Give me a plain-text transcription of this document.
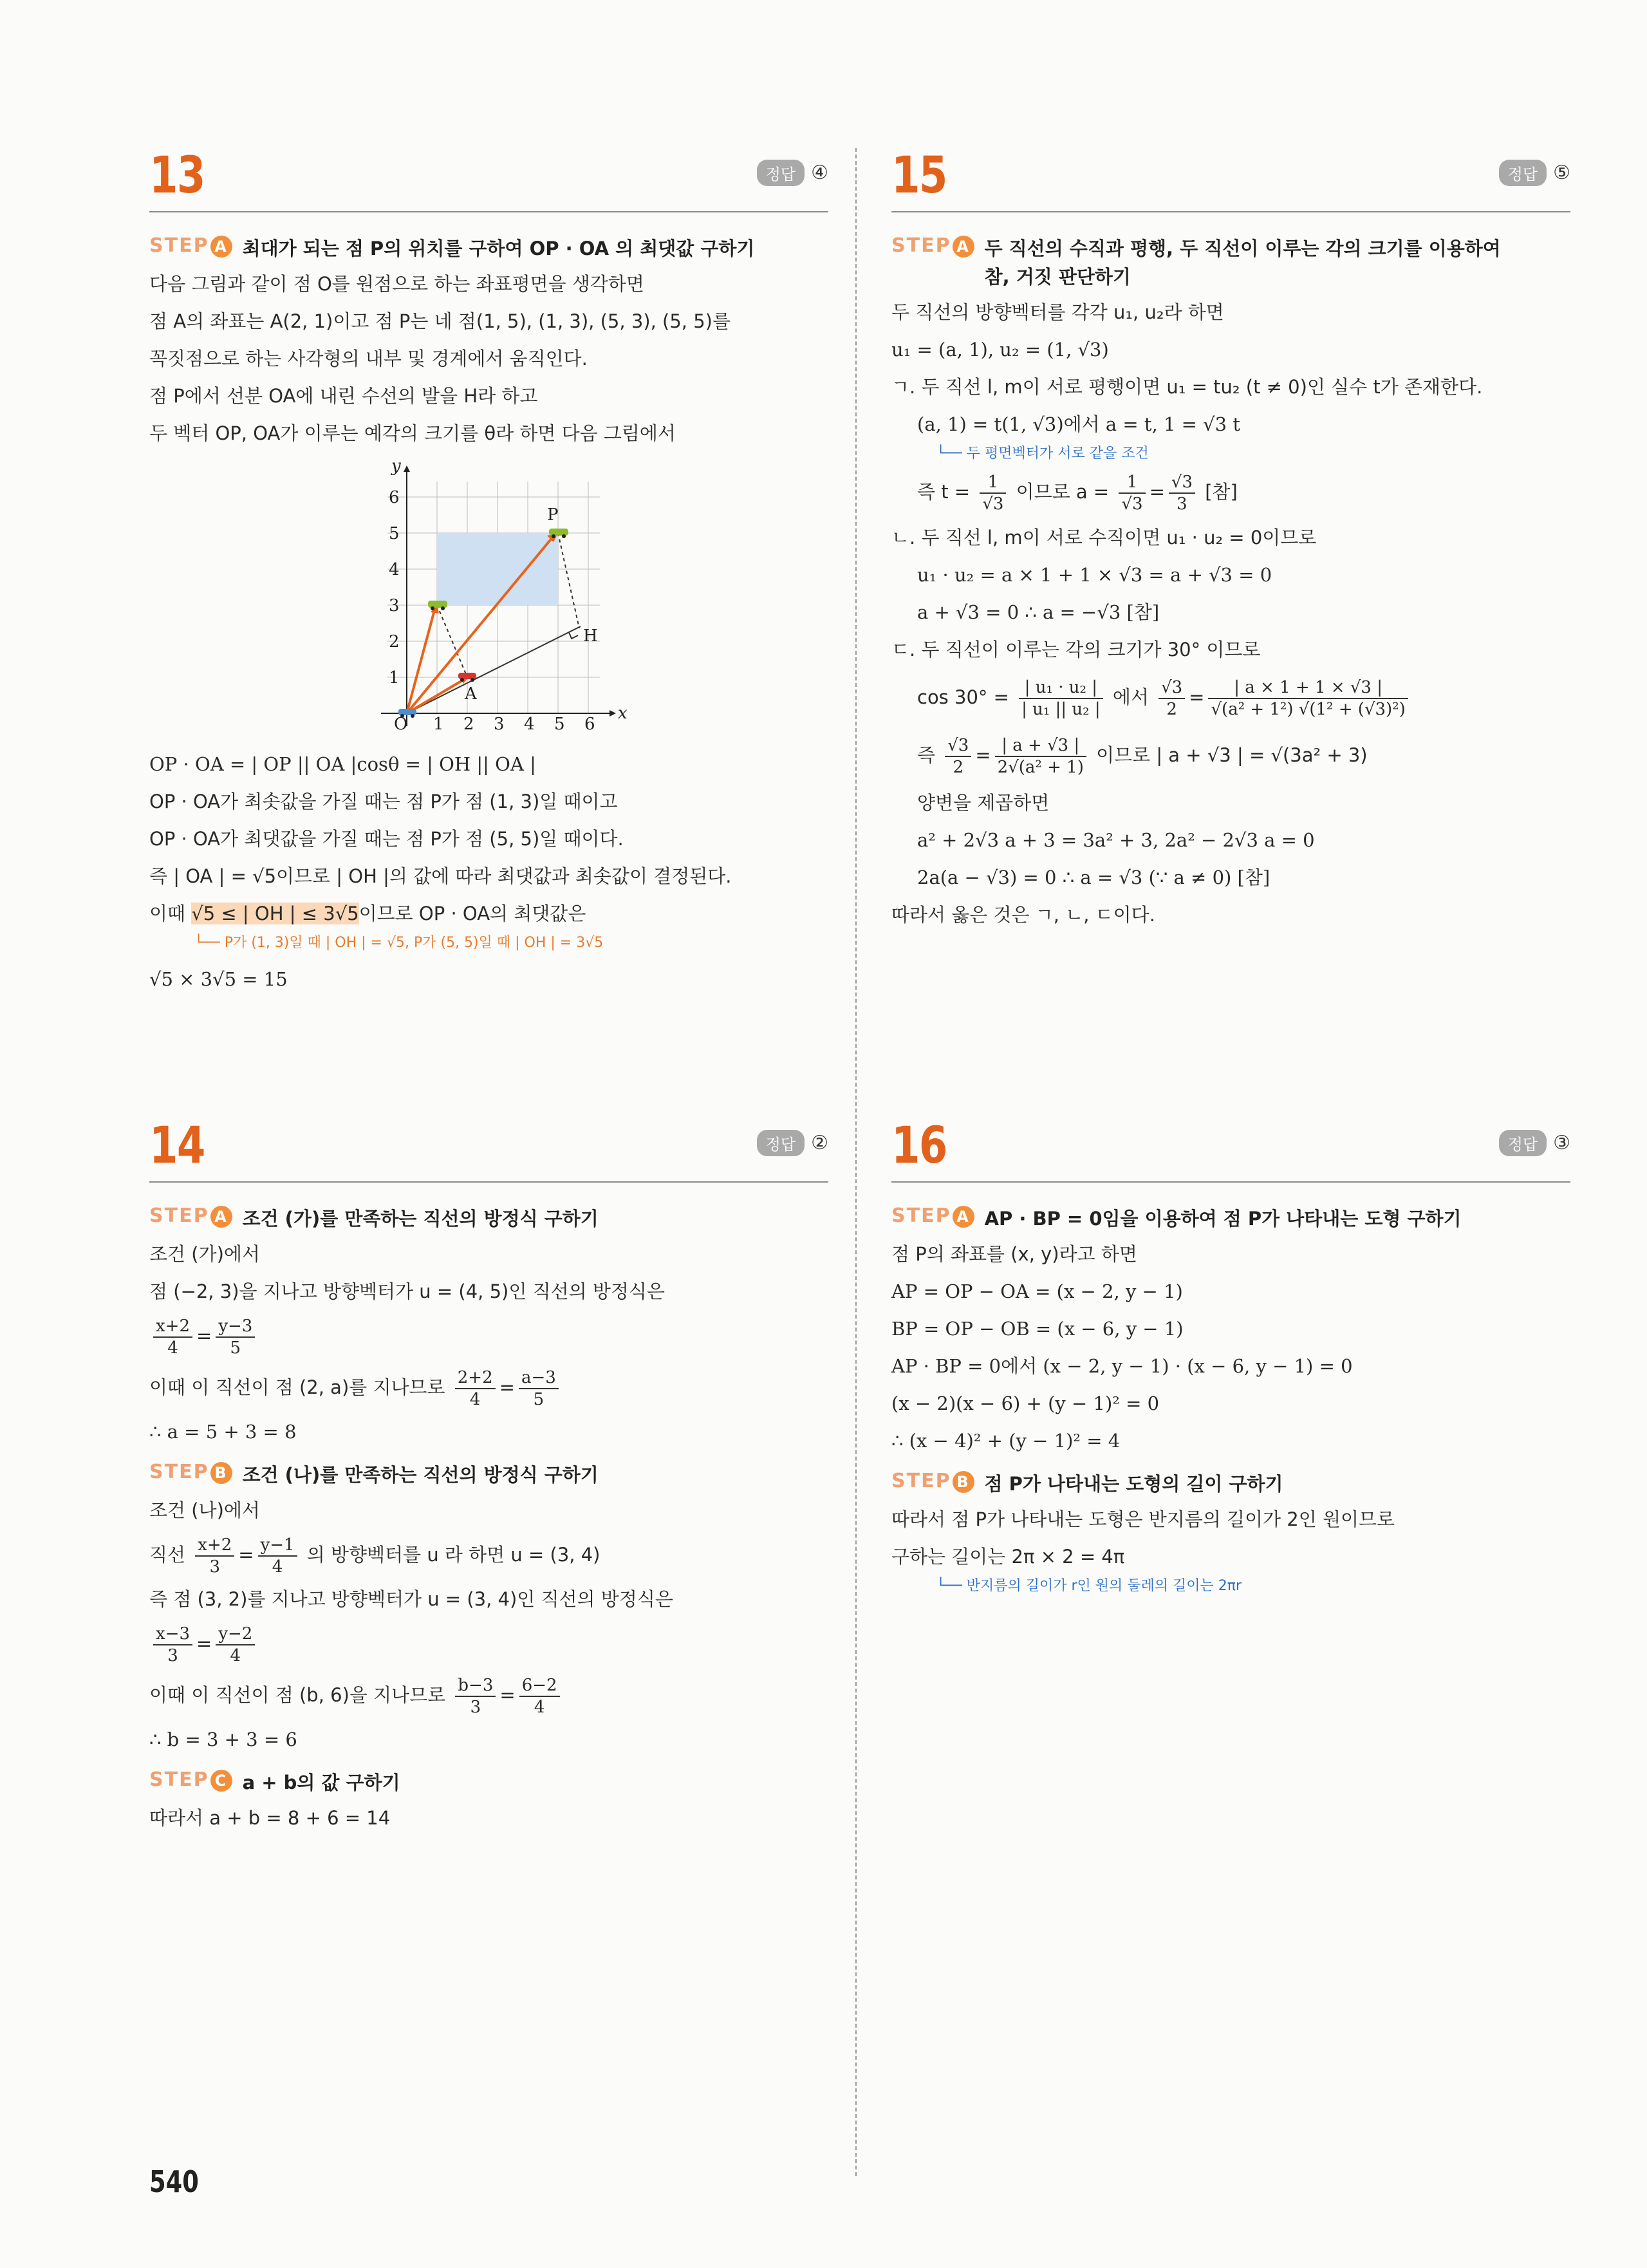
13	정답 ④
STEP A 최대가 되는 점 P의 위치를 구하여 OP · OA 의 최댓값 구하기
다음 그림과 같이 점 O를 원점으로 하는 좌표평면을 생각하면
점 A의 좌표는 A(2, 1)이고 점 P는 네 점(1, 5), (1, 3), (5, 3), (5, 5)를
꼭짓점으로 하는 사각형의 내부 및 경계에서 움직인다.
점 P에서 선분 OA에 내린 수선의 발을 H라 하고
두 벡터 OP, OA가 이루는 예각의 크기를 θ라 하면 다음 그림에서
O
x
y
1 2 3 4 5 6
1
2
3
4
5
6
P
A
H
OP · OA = | OP || OA |cosθ = | OH || OA |
OP · OA가 최솟값을 가질 때는 점 P가 점 (1, 3)일 때이고
OP · OA가 최댓값을 가질 때는 점 P가 점 (5, 5)일 때이다.
즉 | OA | = √5이므로 | OH |의 값에 따라 최댓값과 최솟값이 결정된다.
이때 √5 ≤ | OH | ≤ 3√5이므로 OP · OA의 최댓값은
└── P가 (1, 3)일 때 | OH | = √5, P가 (5, 5)일 때 | OH | = 3√5
√5 × 3√5 = 15
14	정답 ②
STEP A 조건 (가)를 만족하는 직선의 방정식 구하기
조건 (가)에서
점 (−2, 3)을 지나고 방향벡터가 u = (4, 5)인 직선의 방정식은
$\frac{x+2}{4} = \frac{y-3}{5}$
이때 이 직선이 점 (2, a)를 지나므로 $\frac{2+2}{4} = \frac{a-3}{5}$
∴ a = 5 + 3 = 8
STEP B 조건 (나)를 만족하는 직선의 방정식 구하기
조건 (나)에서
직선 $\frac{x+2}{3} = \frac{y-1}{4}$ 의 방향벡터를 u 라 하면 u = (3, 4)
즉 점 (3, 2)를 지나고 방향벡터가 u = (3, 4)인 직선의 방정식은
$\frac{x-3}{3} = \frac{y-2}{4}$
이때 이 직선이 점 (b, 6)을 지나므로 $\frac{b-3}{3} = \frac{6-2}{4}$
∴ b = 3 + 3 = 6
STEP C a + b의 값 구하기
따라서 a + b = 8 + 6 = 14
15	정답 ⑤
STEP A 두 직선의 수직과 평행, 두 직선이 이루는 각의 크기를 이용하여
참, 거짓 판단하기
두 직선의 방향벡터를 각각 u₁, u₂라 하면
u₁ = (a, 1), u₂ = (1, √3)
ㄱ. 두 직선 l, m이 서로 평행이면 u₁ = tu₂ (t ≠ 0)인 실수 t가 존재한다.
(a, 1) = t(1, √3)에서 a = t, 1 = √3 t
└── 두 평면벡터가 서로 같을 조건
즉 $t = \frac{1}{√3}$ 이므로 $a = \frac{1}{√3} = \frac{√3}{3}$ [참]
ㄴ. 두 직선 l, m이 서로 수직이면 u₁ · u₂ = 0이므로
u₁ · u₂ = a × 1 + 1 × √3 = a + √3 = 0
a + √3 = 0 ∴ a = −√3 [참]
ㄷ. 두 직선이 이루는 각의 크기가 30° 이므로
$\cos 30^\circ = \frac{\text{| u₁ · u₂ |}}{\text{| u₁ || u₂ |}}$ 에서 $\frac{√3}{2} = \frac{| a \times 1 + 1 \times √3 |}{\text{√(a² + 1²) √(1² + (√3)²)}}$
즉 $\frac{√3}{2} = \frac{| a + √3 |}{\text{2√(a² + 1)}}$ 이므로 | a + √3 | = √(3a² + 3)
양변을 제곱하면
a² + 2√3 a + 3 = 3a² + 3, 2a² − 2√3 a = 0
2a(a − √3) = 0 ∴ a = √3 (∵ a ≠ 0) [참]
따라서 옳은 것은 ㄱ, ㄴ, ㄷ이다.
16	정답 ③
STEP A AP · BP = 0임을 이용하여 점 P가 나타내는 도형 구하기
점 P의 좌표를 (x, y)라고 하면
AP = OP − OA = (x − 2, y − 1)
BP = OP − OB = (x − 6, y − 1)
AP · BP = 0에서 (x − 2, y − 1) · (x − 6, y − 1) = 0
(x − 2)(x − 6) + (y − 1)² = 0
∴ (x − 4)² + (y − 1)² = 4
STEP B 점 P가 나타내는 도형의 길이 구하기
따라서 점 P가 나타내는 도형은 반지름의 길이가 2인 원이므로
구하는 길이는 2π × 2 = 4π
└── 반지름의 길이가 r인 원의 둘레의 길이는 2πr
540
